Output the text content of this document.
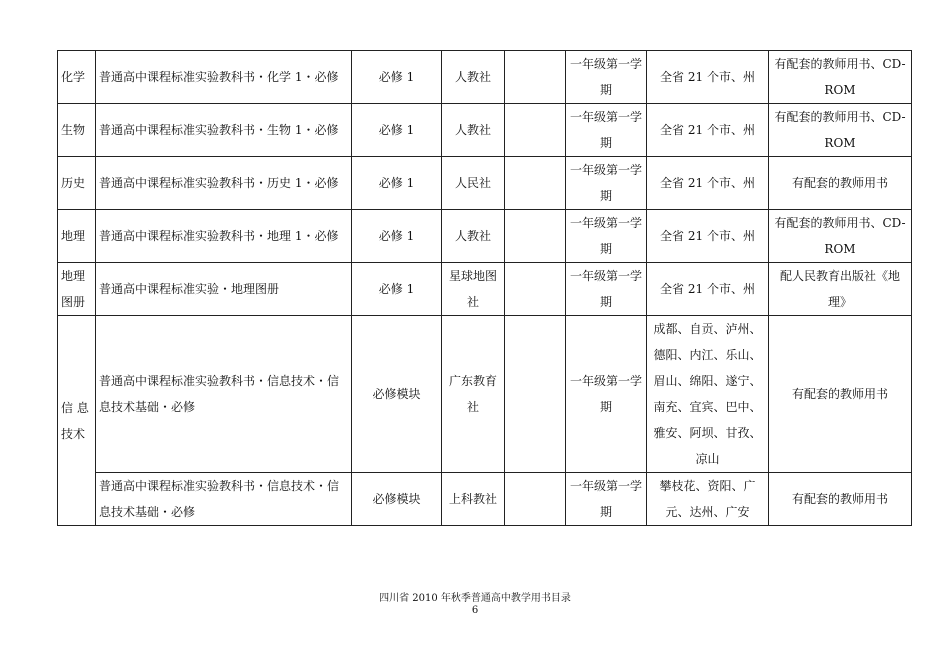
化学	普通高中课程标准实验教科书・化学 1・必修	必修 1	人教社		一年级第一学期	全省 21 个市、州	有配套的教师用书、CD-ROM
生物	普通高中课程标准实验教科书・生物 1・必修	必修 1	人教社		一年级第一学期	全省 21 个市、州	有配套的教师用书、CD-ROM
历史	普通高中课程标准实验教科书・历史 1・必修	必修 1	人民社		一年级第一学期	全省 21 个市、州	有配套的教师用书
地理	普通高中课程标准实验教科书・地理 1・必修	必修 1	人教社		一年级第一学期	全省 21 个市、州	有配套的教师用书、CD-ROM
地理图册	普通高中课程标准实验・地理图册	必修 1	星球地图社		一年级第一学期	全省 21 个市、州	配人民教育出版社《地理》
信 息技术	普通高中课程标准实验教科书・信息技术・信息技术基础・必修	必修模块	广东教育社		一年级第一学期	成都、自贡、泸州、德阳、内江、乐山、眉山、绵阳、遂宁、南充、宜宾、巴中、雅安、阿坝、甘孜、凉山	有配套的教师用书
	普通高中课程标准实验教科书・信息技术・信息技术基础・必修	必修模块	上科教社		一年级第一学期	攀枝花、资阳、广元、达州、广安	有配套的教师用书
四川省 2010 年秋季普通高中教学用书目录
6
